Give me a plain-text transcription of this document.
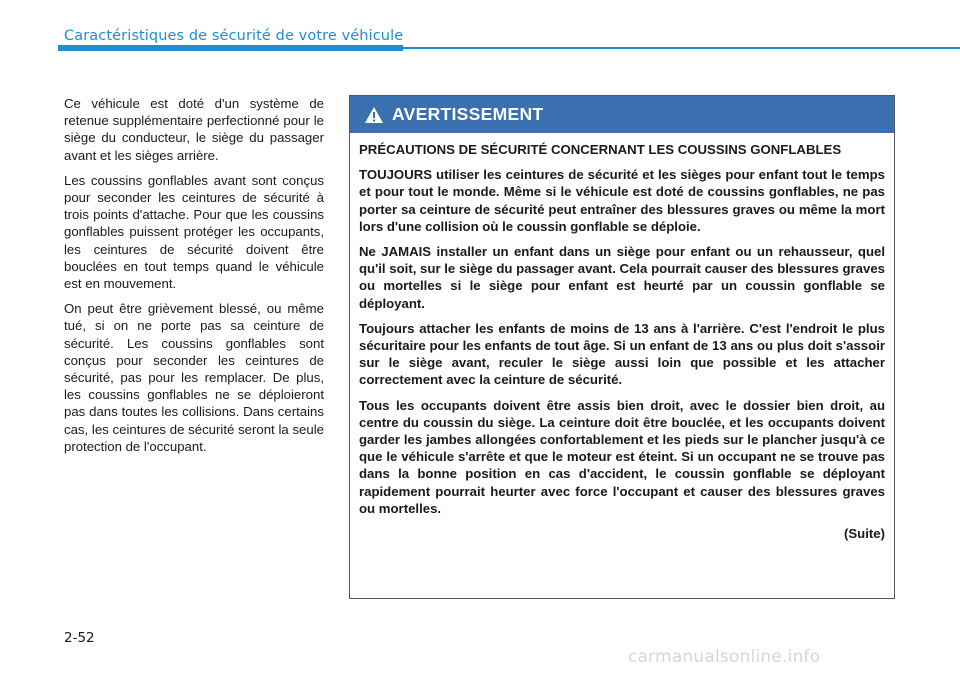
Caractéristiques de sécurité de votre véhicule

Ce véhicule est doté d'un système de retenue supplémentaire perfectionné pour le siège du conducteur, le siège du passager avant et les sièges arrière.

Les coussins gonflables avant sont conçus pour seconder les ceintures de sécurité à trois points d'attache. Pour que les coussins gonflables puissent protéger les occupants, les ceintures de sécurité doivent être bouclées en tout temps quand le véhicule est en mouvement.

On peut être grièvement blessé, ou même tué, si on ne porte pas sa ceinture de sécurité. Les coussins gonflables sont conçus pour seconder les ceintures de sécurité, pas pour les remplacer. De plus, les coussins gonflables ne se déploieront pas dans toutes les collisions. Dans certains cas, les ceintures de sécurité seront la seule protection de l'occupant.

AVERTISSEMENT

PRÉCAUTIONS DE SÉCURITÉ CONCERNANT LES COUSSINS GONFLABLES

TOUJOURS utiliser les ceintures de sécurité et les sièges pour enfant tout le temps et pour tout le monde. Même si le véhicule est doté de coussins gonflables, ne pas porter sa ceinture de sécurité peut entraîner des blessures graves ou même la mort lors d'une collision où le coussin gonflable se déploie.

Ne JAMAIS installer un enfant dans un siège pour enfant ou un rehausseur, quel qu'il soit, sur le siège du passager avant. Cela pourrait causer des blessures graves ou mortelles si le siège pour enfant est heurté par un coussin gonflable se déployant.

Toujours attacher les enfants de moins de 13 ans à l'arrière. C'est l'endroit le plus sécuritaire pour les enfants de tout âge. Si un enfant de 13 ans ou plus doit s'assoir sur le siège avant, reculer le siège aussi loin que possible et les attacher correctement avec la ceinture de sécurité.

Tous les occupants doivent être assis bien droit, avec le dossier bien droit, au centre du coussin du siège. La ceinture doit être bouclée, et les occupants doivent garder les jambes allongées confortablement et les pieds sur le plancher jusqu'à ce que le véhicule s'arrête et que le moteur est éteint. Si un occupant ne se trouve pas dans la bonne position en cas d'accident, le coussin gonflable se déployant rapidement pourrait heurter avec force l'occupant et causer des blessures graves ou mortelles.

(Suite)

2-52
carmanualsonline.info
